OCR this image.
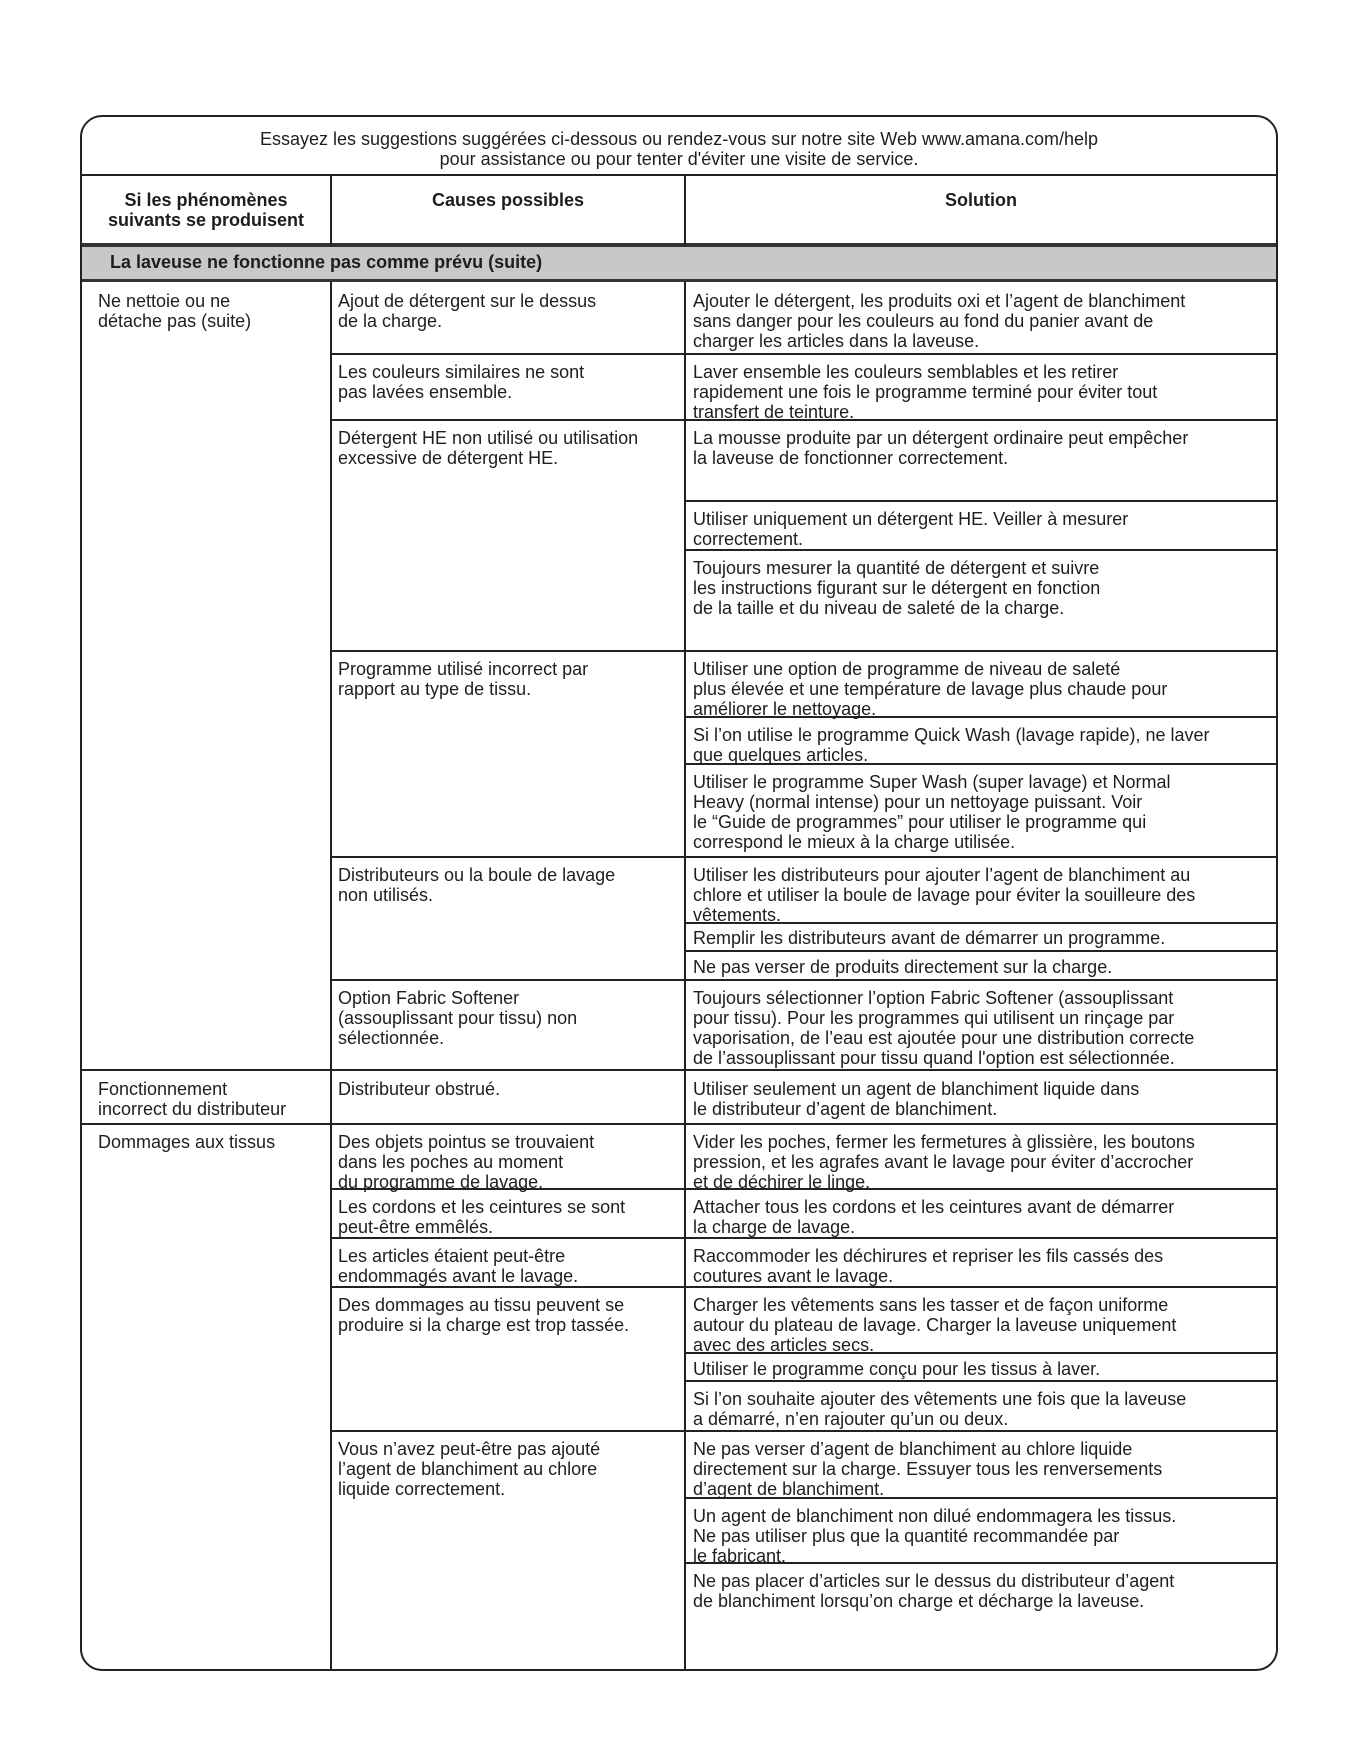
Essayez les suggestions suggérées ci-dessous ou rendez-vous sur notre site Web www.amana.com/help
pour assistance ou pour tenter d'éviter une visite de service.
Si les phénomènes
suivants se produisent
Causes possibles	Solution
La laveuse ne fonctionne pas comme prévu (suite)
Ne nettoie ou ne
détache pas (suite)
Fonctionnement
incorrect du distributeur
Dommages aux tissus
Ajout de détergent sur le dessus
de la charge.
Les couleurs similaires ne sont
pas lavées ensemble.
Détergent HE non utilisé ou utilisation
excessive de détergent HE.
Programme utilisé incorrect par
rapport au type de tissu.
Distributeurs ou la boule de lavage
non utilisés.
Option Fabric Softener
(assouplissant pour tissu) non
sélectionnée.
Distributeur obstrué.
Des objets pointus se trouvaient
dans les poches au moment
du programme de lavage.
Les cordons et les ceintures se sont
peut-être emmêlés.
Les articles étaient peut-être
endommagés avant le lavage.
Des dommages au tissu peuvent se
produire si la charge est trop tassée.
Vous n’avez peut-être pas ajouté
l’agent de blanchiment au chlore
liquide correctement.
Ajouter le détergent, les produits oxi et l’agent de blanchiment
sans danger pour les couleurs au fond du panier avant de
charger les articles dans la laveuse.
Laver ensemble les couleurs semblables et les retirer
rapidement une fois le programme terminé pour éviter tout
transfert de teinture.
La mousse produite par un détergent ordinaire peut empêcher
la laveuse de fonctionner correctement.
Utiliser uniquement un détergent HE. Veiller à mesurer
correctement.
Toujours mesurer la quantité de détergent et suivre
les instructions figurant sur le détergent en fonction
de la taille et du niveau de saleté de la charge.
Utiliser une option de programme de niveau de saleté
plus élevée et une température de lavage plus chaude pour
améliorer le nettoyage.
Si l’on utilise le programme Quick Wash (lavage rapide), ne laver
que quelques articles.
Utiliser le programme Super Wash (super lavage) et Normal
Heavy (normal intense) pour un nettoyage puissant. Voir
le “Guide de programmes” pour utiliser le programme qui
correspond le mieux à la charge utilisée.
Utiliser les distributeurs pour ajouter l’agent de blanchiment au
chlore et utiliser la boule de lavage pour éviter la souilleure des
vêtements.
Remplir les distributeurs avant de démarrer un programme.
Ne pas verser de produits directement sur la charge.
Toujours sélectionner l’option Fabric Softener (assouplissant
pour tissu). Pour les programmes qui utilisent un rinçage par
vaporisation, de l’eau est ajoutée pour une distribution correcte
de l’assouplissant pour tissu quand l'option est sélectionnée.
Utiliser seulement un agent de blanchiment liquide dans
le distributeur d’agent de blanchiment.
Vider les poches, fermer les fermetures à glissière, les boutons
pression, et les agrafes avant le lavage pour éviter d’accrocher
et de déchirer le linge.
Attacher tous les cordons et les ceintures avant de démarrer
la charge de lavage.
Raccommoder les déchirures et repriser les fils cassés des
coutures avant le lavage.
Charger les vêtements sans les tasser et de façon uniforme
autour du plateau de lavage. Charger la laveuse uniquement
avec des articles secs.
Utiliser le programme conçu pour les tissus à laver.
Si l’on souhaite ajouter des vêtements une fois que la laveuse
a démarré, n’en rajouter qu’un ou deux.
Ne pas verser d’agent de blanchiment au chlore liquide
directement sur la charge. Essuyer tous les renversements
d’agent de blanchiment.
Un agent de blanchiment non dilué endommagera les tissus.
Ne pas utiliser plus que la quantité recommandée par
le fabricant.
Ne pas placer d’articles sur le dessus du distributeur d’agent
de blanchiment lorsqu’on charge et décharge la laveuse.
